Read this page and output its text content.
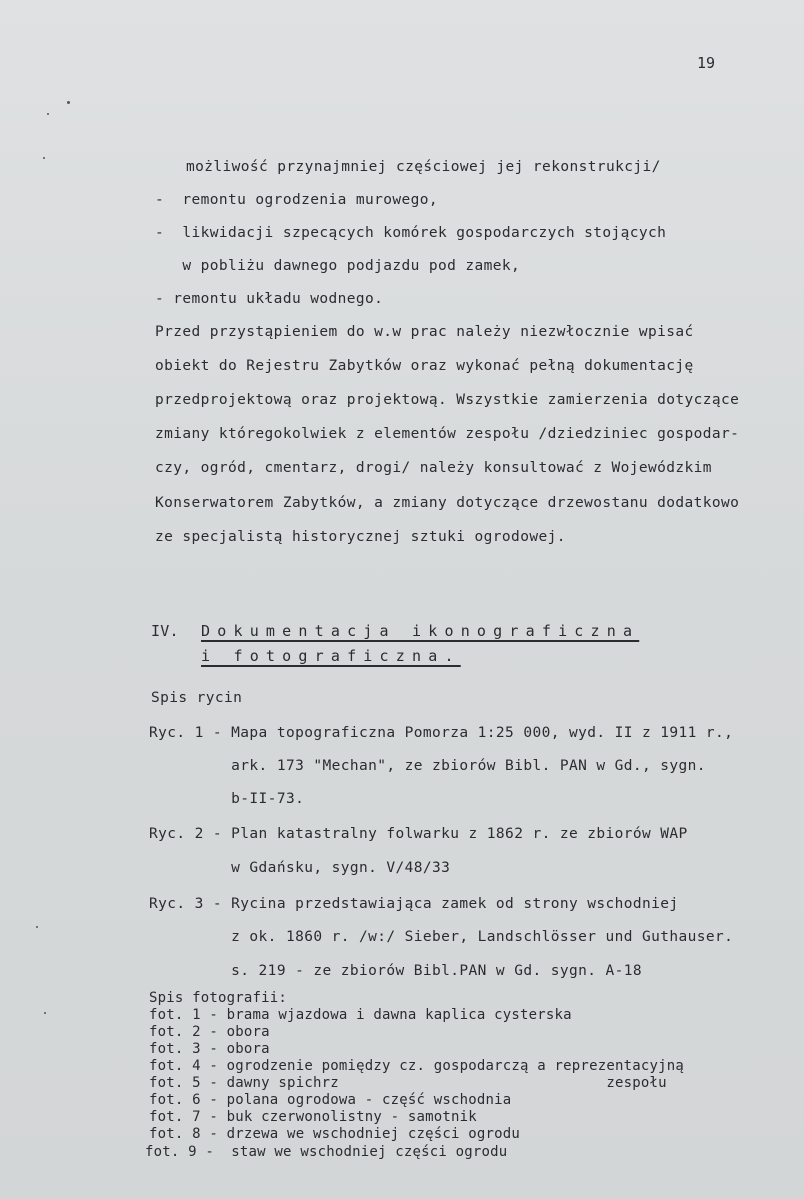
19
możliwość przynajmniej częściowej jej rekonstrukcji/
-  remontu ogrodzenia murowego,
-  likwidacji szpecących komórek gospodarczych stojących
w pobliżu dawnego podjazdu pod zamek,
- remontu układu wodnego.
Przed przystąpieniem do w.w prac należy niezwłocznie wpisać
obiekt do Rejestru Zabytków oraz wykonać pełną dokumentację
przedprojektową oraz projektową. Wszystkie zamierzenia dotyczące
zmiany któregokolwiek z elementów zespołu /dziedziniec gospodar-
czy, ogród, cmentarz, drogi/ należy konsultować z Wojewódzkim
Konserwatorem Zabytków, a zmiany dotyczące drzewostanu dodatkowo
ze specjalistą historycznej sztuki ogrodowej.
IV. Dokumentacja ikonograficzna
i fotograficzna.
Spis rycin
Ryc. 1 - Mapa topograficzna Pomorza 1:25 000, wyd. II z 1911 r.,
ark. 173 "Mechan", ze zbiorów Bibl. PAN w Gd., sygn.
b-II-73.
Ryc. 2 - Plan katastralny folwarku z 1862 r. ze zbiorów WAP
w Gdańsku, sygn. V/48/33
Ryc. 3 - Rycina przedstawiająca zamek od strony wschodniej
z ok. 1860 r. /w:/ Sieber, Landschlösser und Guthauser.
s. 219 - ze zbiorów Bibl.PAN w Gd. sygn. A-18
Spis fotografii:
fot. 1 - brama wjazdowa i dawna kaplica cysterska
fot. 2 - obora
fot. 3 - obora
fot. 4 - ogrodzenie pomiędzy cz. gospodarczą a reprezentacyjną
fot. 5 - dawny spichrz                               zespołu
fot. 6 - polana ogrodowa - część wschodnia
fot. 7 - buk czerwonolistny - samotnik
fot. 8 - drzewa we wschodniej części ogrodu
fot. 9 -  staw we wschodniej części ogrodu
